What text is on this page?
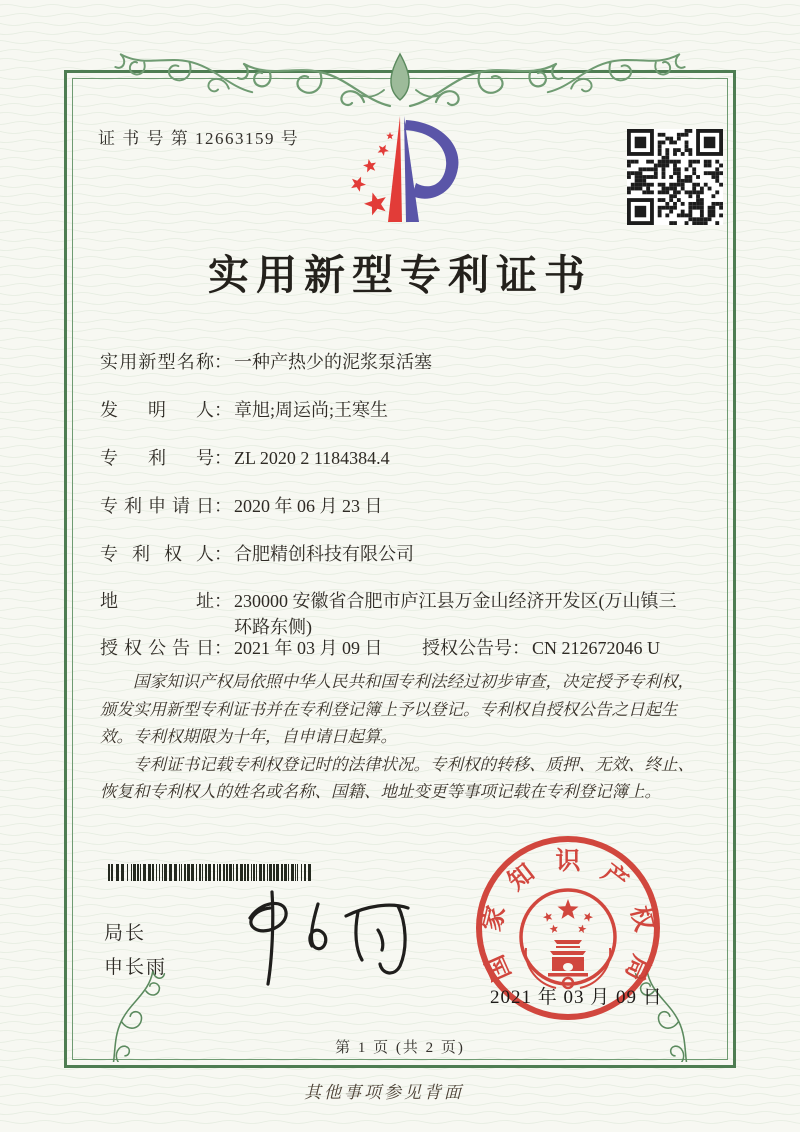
证 书 号 第 12663159 号
实用新型专利证书
实用新型名称： 一种产热少的泥浆泵活塞
发明人： 章旭;周运尚;王寒生
专利号： ZL 2020 2 1184384.4
专利申请日： 2020 年 06 月 23 日
专利权人： 合肥精创科技有限公司
地址 ： 230000 安徽省合肥市庐江县万金山经济开发区(万山镇三环路东侧)
授权公告日： 2021 年 03 月 09 日 授权公告号： CN 212672046 U

国家知识产权局依照中华人民共和国专利法经过初步审查，决定授予专利权，颁发实用新型专利证书并在专利登记簿上予以登记。专利权自授权公告之日起生效。专利权期限为十年，自申请日起算。

专利证书记载专利权登记时的法律状况。专利权的转移、质押、无效、终止、恢复和专利权人的姓名或名称、国籍、地址变更等事项记载在专利登记簿上。

局长
申长雨	国
家
知 识 产
权
局
2021 年 03 月 09 日
第 1 页 (共 2 页)
其他事项参见背面
